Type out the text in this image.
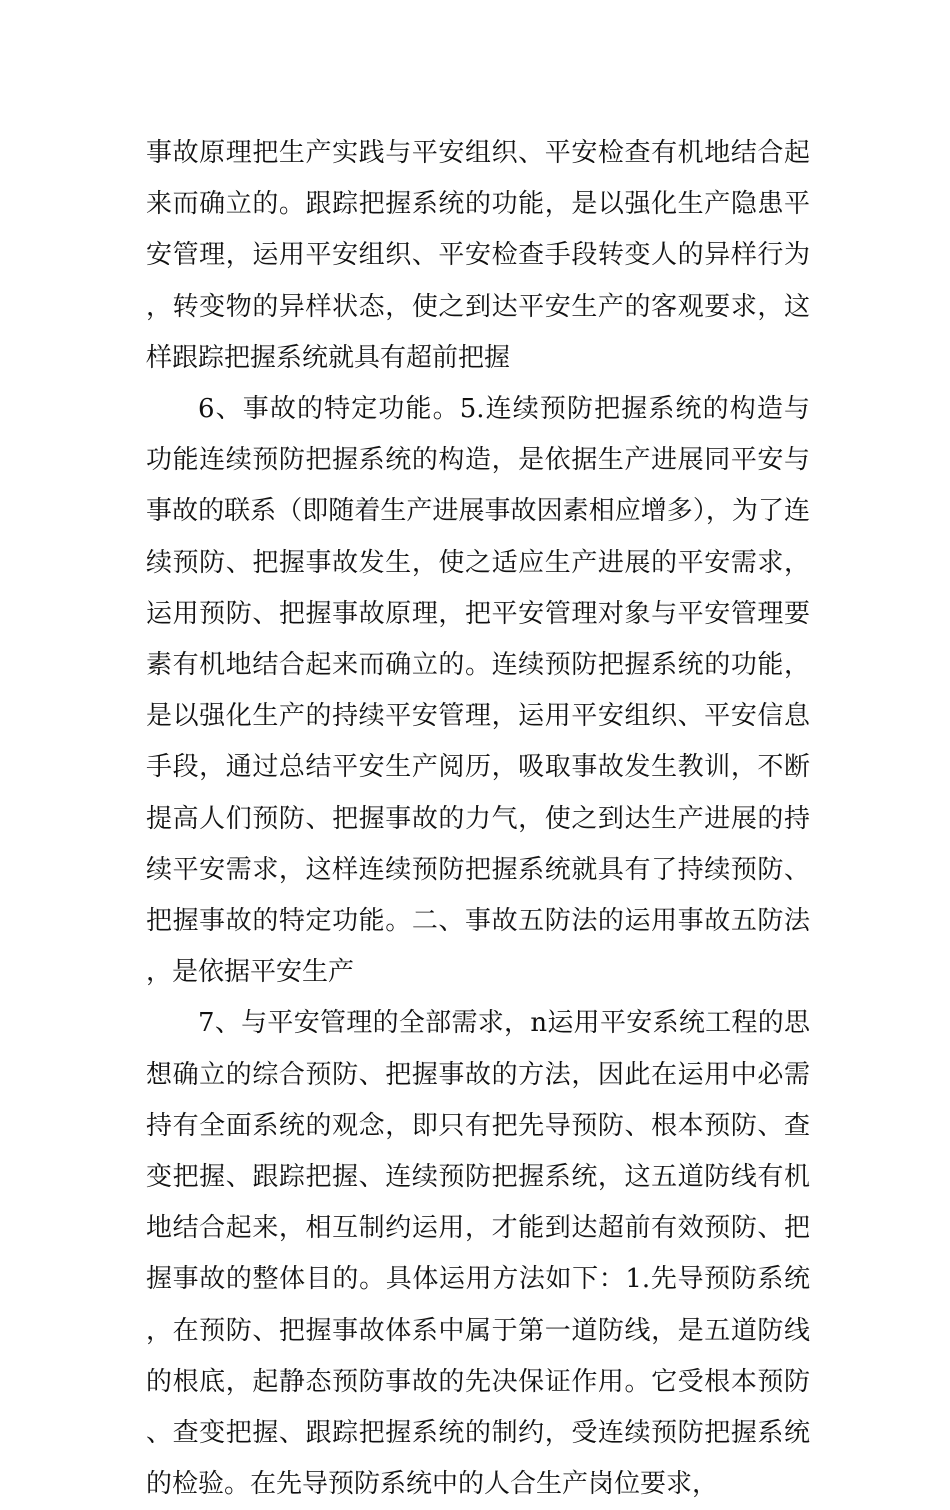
事故原理把生产实践与平安组织、平安检查有机地结合起来而确立的。跟踪把握系统的功能，是以强化生产隐患平安管理，运用平安组织、平安检查手段转变人的异样行为，转变物的异样状态，使之到达平安生产的客观要求，这样跟踪把握系统就具有超前把握

6、事故的特定功能。5.连续预防把握系统的构造与功能连续预防把握系统的构造，是依据生产进展同平安与事故的联系（即随着生产进展事故因素相应增多），为了连续预防、把握事故发生，使之适应生产进展的平安需求，运用预防、把握事故原理，把平安管理对象与平安管理要素有机地结合起来而确立的。连续预防把握系统的功能，是以强化生产的持续平安管理，运用平安组织、平安信息手段，通过总结平安生产阅历，吸取事故发生教训，不断提高人们预防、把握事故的力气，使之到达生产进展的持续平安需求，这样连续预防把握系统就具有了持续预防、把握事故的特定功能。二、事故五防法的运用事故五防法，是依据平安生产

7、与平安管理的全部需求，n运用平安系统工程的思想确立的综合预防、把握事故的方法，因此在运用中必需持有全面系统的观念，即只有把先导预防、根本预防、查变把握、跟踪把握、连续预防把握系统，这五道防线有机地结合起来，相互制约运用，才能到达超前有效预防、把握事故的整体目的。具体运用方法如下：1.先导预防系统，在预防、把握事故体系中属于第一道防线，是五道防线的根底，起静态预防事故的先决保证作用。它受根本预防、查变把握、跟踪把握系统的制约，受连续预防把握系统的检验。在先导预防系统中的人合生产岗位要求，
